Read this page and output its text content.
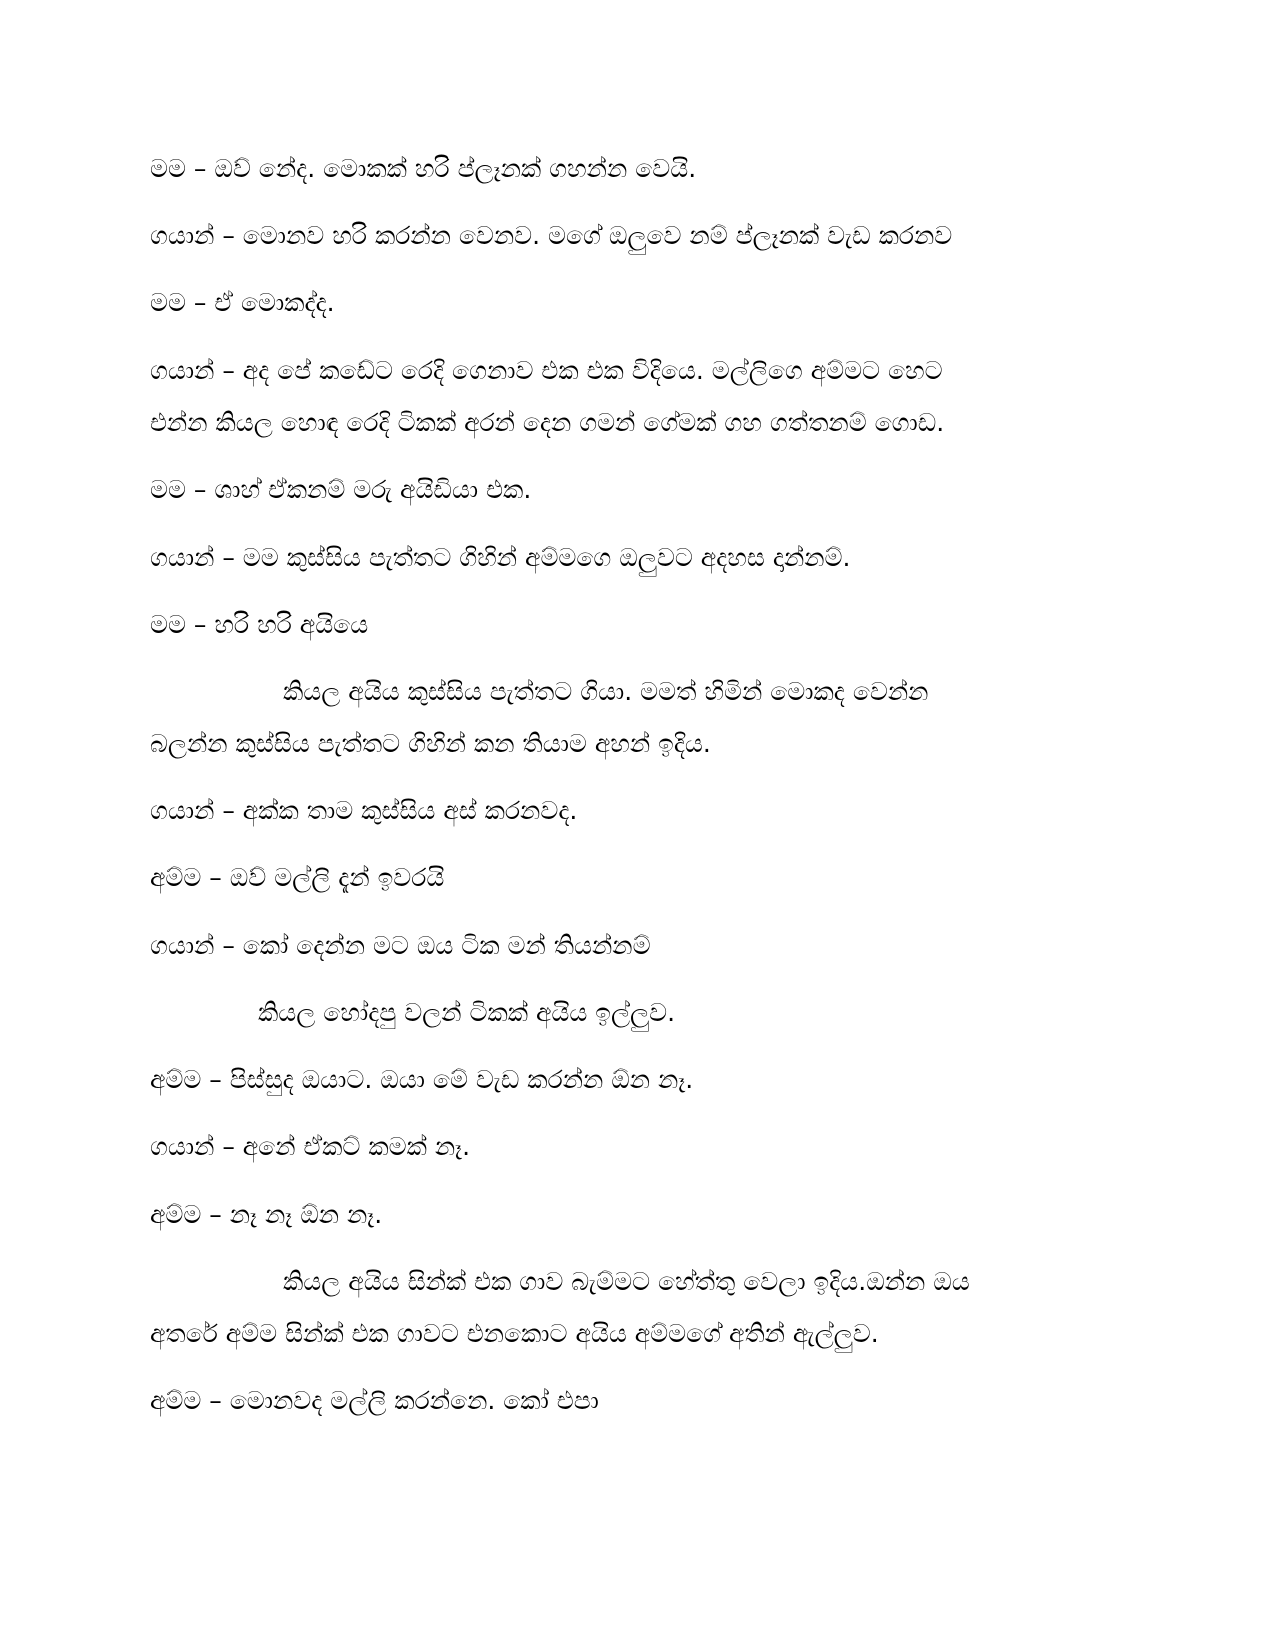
මම – ඔව් නේද. මොකක් හරි ප්ලෑනක් ගහන්න වෙයි.
ගයාන් – මොනව හරි කරන්න වෙනව. මගේ ඔලුවෙ නම් ප්ලෑනක් වැඩ කරනව
මම – ඒ මොකද්ද.
ගයාන් – අද පේ කඩේට රෙදි ගෙනාව එක එක විදියෙ. මල්ලිගෙ අම්මට හෙට
එන්න කියල හොඳ රෙදි ටිකක් අරන් දෙන ගමන් ගේමක් ගහ ගත්තනම් ගොඩ.
මම – ශාහ් ඒකනම් මරු අයිඩියා එක.
ගයාන් – මම කුස්සිය පැත්තට ගිහින් අම්මගෙ ඔලුවට අදහස දාන්නම්.
මම – හරි හරි අයියෙ
කියල අයිය කුස්සිය පැත්තට ගියා. මමත් හිමින් මොකද වෙන්න
බලන්න කුස්සිය පැත්තට ගිහින් කන තියාම අහන් ඉදිය.
ගයාන් – අක්ක තාම කුස්සිය අස් කරනවද.
අම්ම – ඔව් මල්ලි දැන් ඉවරයි
ගයාන් – කෝ දෙන්න මට ඔය ටික මන් තියන්නම්
කියල හෝදපු වලන් ටිකක් අයිය ඉල්ලුව.
අම්ම – පිස්සුද ඔයාට. ඔයා මේ වැඩ කරන්න ඕන නෑ.
ගයාන් – අනේ ඒකට් කමක් නෑ.
අම්ම – නෑ නෑ ඕන නෑ.
කියල අයිය සින්ක් එක ගාව බැම්මට හේත්තු වෙලා ඉදිය.ඔන්න ඔය
අතරේ අම්ම සින්ක් එක ගාවට එනකොට අයිය අම්මගේ අතින් ඇල්ලුව.
අම්ම – මොනවද මල්ලි කරන්නෙ. කෝ එපා
